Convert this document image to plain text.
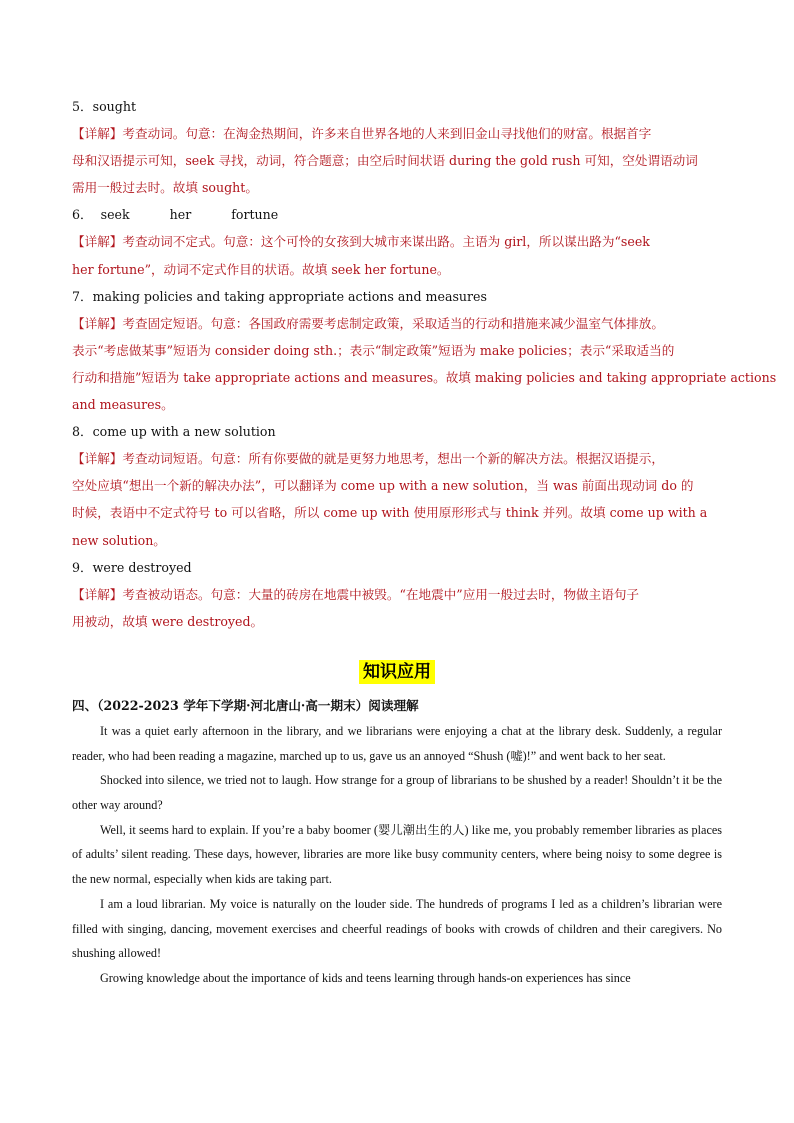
5．sought

【详解】考查动词。句意：在淘金热期间，许多来自世界各地的人来到旧金山寻找他们的财富。根据首字

母和汉语提示可知，seek 寻找，动词，符合题意；由空后时间状语 during the gold rush 可知，空处谓语动词

需用一般过去时。故填 sought。

6． seek	her	fortune

【详解】考查动词不定式。句意：这个可怜的女孩到大城市来谋出路。主语为 girl，所以谋出路为“seek

her fortune”，动词不定式作目的状语。故填 seek her fortune。

7．making policies and taking appropriate actions and measures

【详解】考查固定短语。句意：各国政府需要考虑制定政策，采取适当的行动和措施来减少温室气体排放。

表示“考虑做某事”短语为 consider doing sth.；表示“制定政策”短语为 make policies；表示“采取适当的

行动和措施”短语为 take appropriate actions and measures。故填 making policies and taking appropriate actions

and measures。

8．come up with a new solution

【详解】考查动词短语。句意：所有你要做的就是更努力地思考，想出一个新的解决方法。根据汉语提示，

空处应填“想出一个新的解决办法”，可以翻译为 come up with a new solution，当 was 前面出现动词 do 的

时候，表语中不定式符号 to 可以省略，所以 come up with 使用原形形式与 think 并列。故填 come up with a

new solution。

9．were destroyed

【详解】考查被动语态。句意：大量的砖房在地震中被毁。“在地震中”应用一般过去时，物做主语句子

用被动，故填 were destroyed。

知识应用

四、（2022-2023 学年下学期·河北唐山·高一期末）阅读理解

It was a quiet early afternoon in the library, and we librarians were enjoying a chat at the library desk. Suddenly, a regular reader, who had been reading a magazine, marched up to us, gave us an annoyed “Shush (嘘)!” and went back to her seat.

Shocked into silence, we tried not to laugh. How strange for a group of librarians to be shushed by a reader! Shouldn’t it be the other way around?

Well, it seems hard to explain. If you’re a baby boomer (婴儿潮出生的人) like me, you probably remember libraries as places of adults’ silent reading. These days, however, libraries are more like busy community centers, where being noisy to some degree is the new normal, especially when kids are taking part.

I am a loud librarian. My voice is naturally on the louder side. The hundreds of programs I led as a children’s librarian were filled with singing, dancing, movement exercises and cheerful readings of books with crowds of children and their caregivers. No shushing allowed!

Growing knowledge about the importance of kids and teens learning through hands-on experiences has since
